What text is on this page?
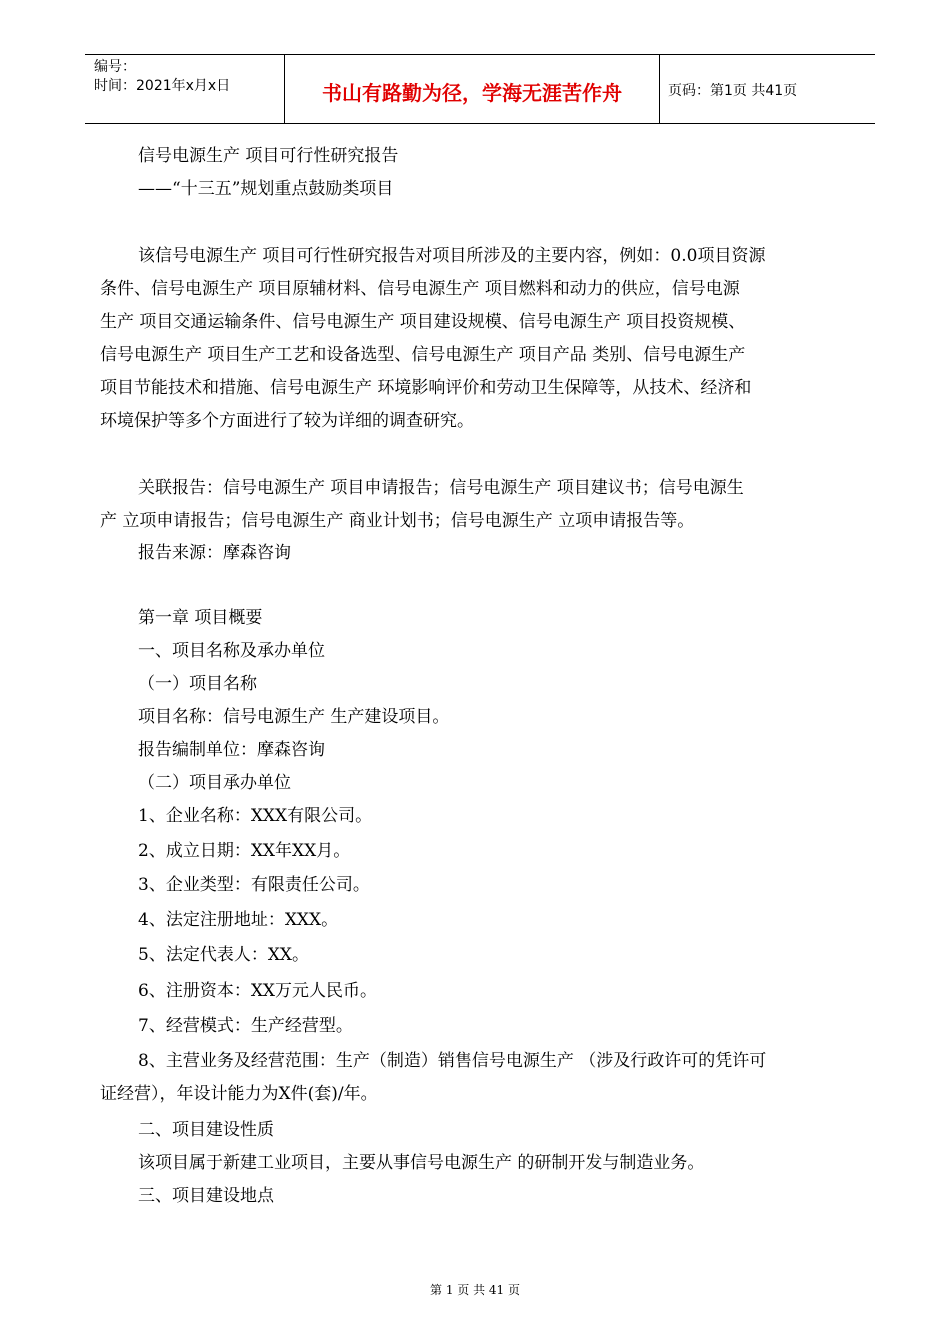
编号：
时间：2021年x月x日	书山有路勤为径，学海无涯苦作舟	页码：第1页 共41页
信号电源生产 项目可行性研究报告
——“十三五”规划重点鼓励类项目
该信号电源生产 项目可行性研究报告对项目所涉及的主要内容，例如：0.0项目资源
条件、信号电源生产 项目原辅材料、信号电源生产 项目燃料和动力的供应，信号电源
生产 项目交通运输条件、信号电源生产 项目建设规模、信号电源生产 项目投资规模、
信号电源生产 项目生产工艺和设备选型、信号电源生产 项目产品 类别、信号电源生产
项目节能技术和措施、信号电源生产 环境影响评价和劳动卫生保障等，从技术、经济和
环境保护等多个方面进行了较为详细的调查研究。
关联报告：信号电源生产 项目申请报告；信号电源生产 项目建议书；信号电源生
产 立项申请报告；信号电源生产 商业计划书；信号电源生产 立项申请报告等。
报告来源：摩森咨询
第一章 项目概要
一、项目名称及承办单位
（一）项目名称
项目名称：信号电源生产 生产建设项目。
报告编制单位：摩森咨询
（二）项目承办单位
1、企业名称：XXX有限公司。
2、成立日期：XX年XX月。
3、企业类型：有限责任公司。
4、法定注册地址：XXX。
5、法定代表人：XX。
6、注册资本：XX万元人民币。
7、经营模式：生产经营型。
8、主营业务及经营范围：生产（制造）销售信号电源生产 （涉及行政许可的凭许可
证经营），年设计能力为X件(套)/年。
二、项目建设性质
该项目属于新建工业项目，主要从事信号电源生产 的研制开发与制造业务。
三、项目建设地点
第 1 页 共 41 页
